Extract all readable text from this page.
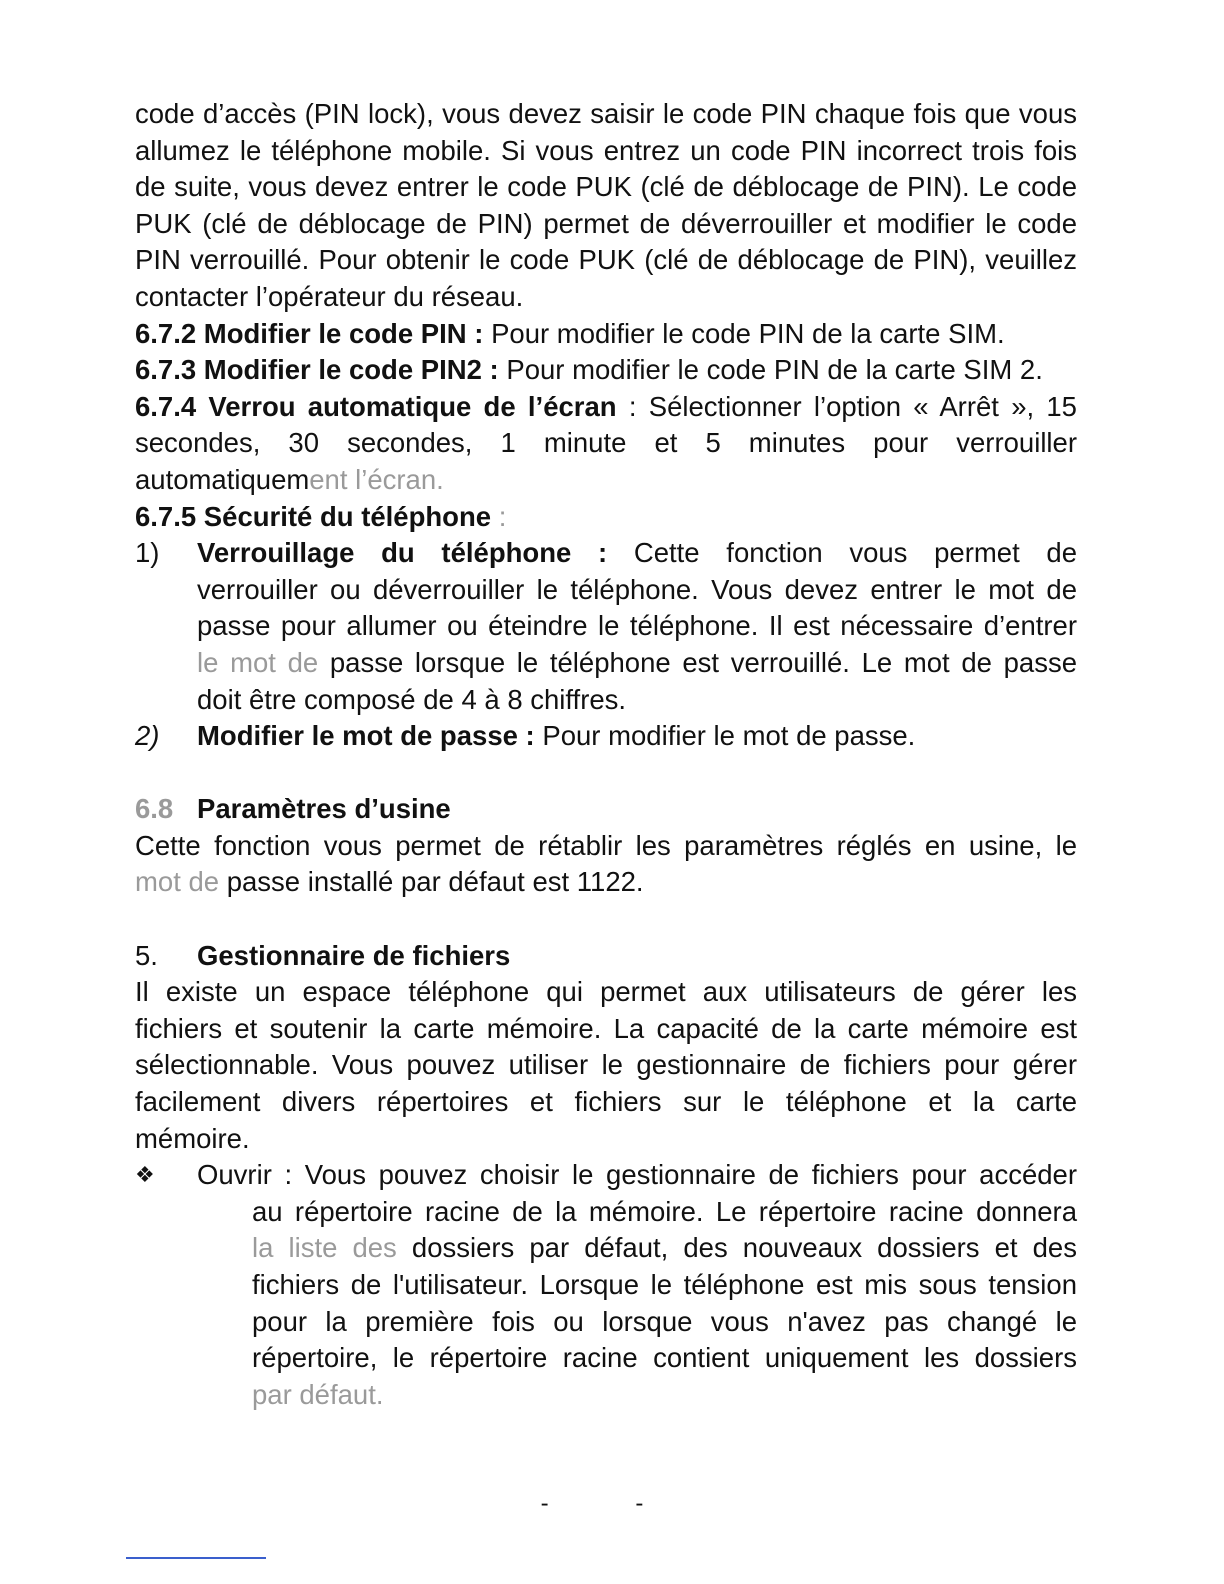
code d’accès (PIN lock), vous devez saisir le code PIN chaque fois que vous

allumez le téléphone mobile. Si vous entrez un code PIN incorrect trois fois

de suite, vous devez entrer le code PUK (clé de déblocage de PIN). Le code

PUK (clé de déblocage de PIN) permet de déverrouiller et modifier le code

PIN verrouillé. Pour obtenir le code PUK (clé de déblocage de PIN), veuillez

contacter l’opérateur du réseau.

6.7.2 Modifier le code PIN : Pour modifier le code PIN de la carte SIM.

6.7.3 Modifier le code PIN2 : Pour modifier le code PIN de la carte SIM 2.

6.7.4 Verrou automatique de l’écran : Sélectionner l’option « Arrêt », 15

secondes, 30 secondes, 1 minute et 5 minutes pour verrouiller

automatiquement l’écran.

6.7.5 Sécurité du téléphone :

1)	Verrouillage du téléphone : Cette fonction vous permet de

verrouiller ou déverrouiller le téléphone. Vous devez entrer le mot de

passe pour allumer ou éteindre le téléphone. Il est nécessaire d’entrer

le mot de passe lorsque le téléphone est verrouillé. Le mot de passe

doit être composé de 4 à 8 chiffres.

2)	Modifier le mot de passe : Pour modifier le mot de passe.

6.8 Paramètres d’usine

Cette fonction vous permet de rétablir les paramètres réglés en usine, le

mot de passe installé par défaut est 1122.

5.	Gestionnaire de fichiers

Il existe un espace téléphone qui permet aux utilisateurs de gérer les

fichiers et soutenir la carte mémoire. La capacité de la carte mémoire est

sélectionnable. Vous pouvez utiliser le gestionnaire de fichiers pour gérer

facilement divers répertoires et fichiers sur le téléphone et la carte

mémoire.

❖	Ouvrir : Vous pouvez choisir le gestionnaire de fichiers pour accéder

au répertoire racine de la mémoire. Le répertoire racine donnera

la liste des dossiers par défaut, des nouveaux dossiers et des

fichiers de l'utilisateur. Lorsque le téléphone est mis sous tension

pour la première fois ou lorsque vous n'avez pas changé le

répertoire, le répertoire racine contient uniquement les dossiers

par défaut.

- -
